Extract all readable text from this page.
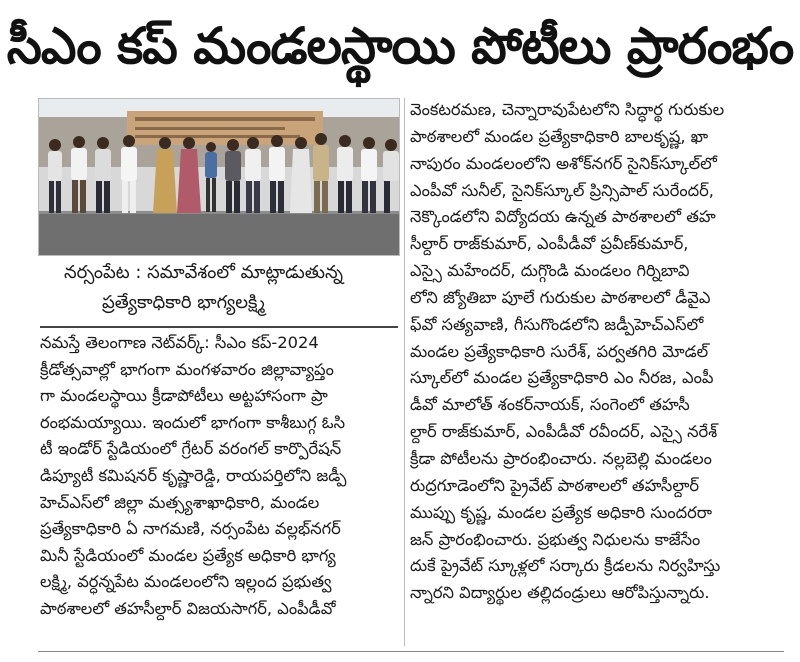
సీఎం కప్ మండలస్థాయి పోటీలు ప్రారంభం
నర్సంపేట : సమావేశంలో మాట్లాడుతున్న
ప్రత్యేకాధికారి భాగ్యలక్ష్మి
నమస్తే తెలంగాణ నెట్‌వర్క్: సీఎం కప్-2024
క్రీడోత్సవాల్లో భాగంగా మంగళవారం జిల్లావ్యాప్తం
గా మండలస్థాయి క్రీడాపోటీలు అట్టహాసంగా ప్రా
రంభమయ్యాయి. ఇందులో భాగంగా కాశీబుగ్గ ఓసి
టీ ఇండోర్ స్టేడియంలో గ్రేటర్ వరంగల్ కార్పొరేషన్
డిప్యూటీ కమిషనర్ కృష్ణారెడ్డి, రాయపర్తిలోని జడ్పీ
హెచ్‌ఎస్‌లో జిల్లా మత్స్యశాఖాధికారి, మండల
ప్రత్యేకాధికారి ఏ నాగమణి, నర్సంపేట వల్లభ్‌నగర్
మినీ స్టేడియంలో మండల ప్రత్యేక అధికారి భాగ్య
లక్ష్మి, వర్ధన్నపేట మండలంలోని ఇల్లంద ప్రభుత్వ
పాఠశాలలో తహసీల్దార్ విజయసాగర్, ఎంపీడీవో
వెంకటరమణ, చెన్నారావుపేటలోని సిద్ధార్థ గురుకుల
పాఠశాలలో మండల ప్రత్యేకాధికారి బాలకృష్ణ, ఖా
నాపురం మండలంలోని అశోక్‌నగర్ సైనిక్‌స్కూల్‌లో
ఎంపీవో సునీల్, సైనిక్‌స్కూల్ ప్రిన్సిపాల్ సురేందర్,
నెక్కొండలోని విద్యోదయ ఉన్నత పాఠశాలలో తహ
సీల్దార్ రాజ్‌కుమార్, ఎంపీడీవో ప్రవీణ్‌కుమార్,
ఎస్సై మహేందర్, దుగ్గొండి మండలం గిర్నిబావి
లోని జ్యోతిబా పూలే గురుకుల పాఠశాలలో డీవైఎ
ఫ్‌వో సత్యవాణి, గీసుగొండలోని జడ్పీహెచ్‌ఎస్‌లో
మండల ప్రత్యేకాధికారి సురేశ్, పర్వతగిరి మోడల్
స్కూల్‌లో మండల ప్రత్యేకాధికారి ఎం నీరజ, ఎంపీ
డీవో మాలోత్ శంకర్‌నాయక్, సంగెంలో తహసీ
ల్దార్ రాజ్‌కుమార్, ఎంపీడీవో రవీందర్, ఎస్సై నరేశ్
క్రీడా పోటీలను ప్రారంభించారు. నల్లబెల్లి మండలం
రుద్రగూడెంలోని ప్రైవేట్ పాఠశాలలో తహసీల్దార్
ముప్పు కృష్ణ, మండల ప్రత్యేక అధికారి సుందరరా
జన్ ప్రారంభించారు. ప్రభుత్వ నిధులను కాజేసేం
దుకే ప్రైవేట్ స్కూళ్లలో సర్కారు క్రీడలను నిర్వహిస్తు
న్నారని విద్యార్థుల తల్లిదండ్రులు ఆరోపిస్తున్నారు.
